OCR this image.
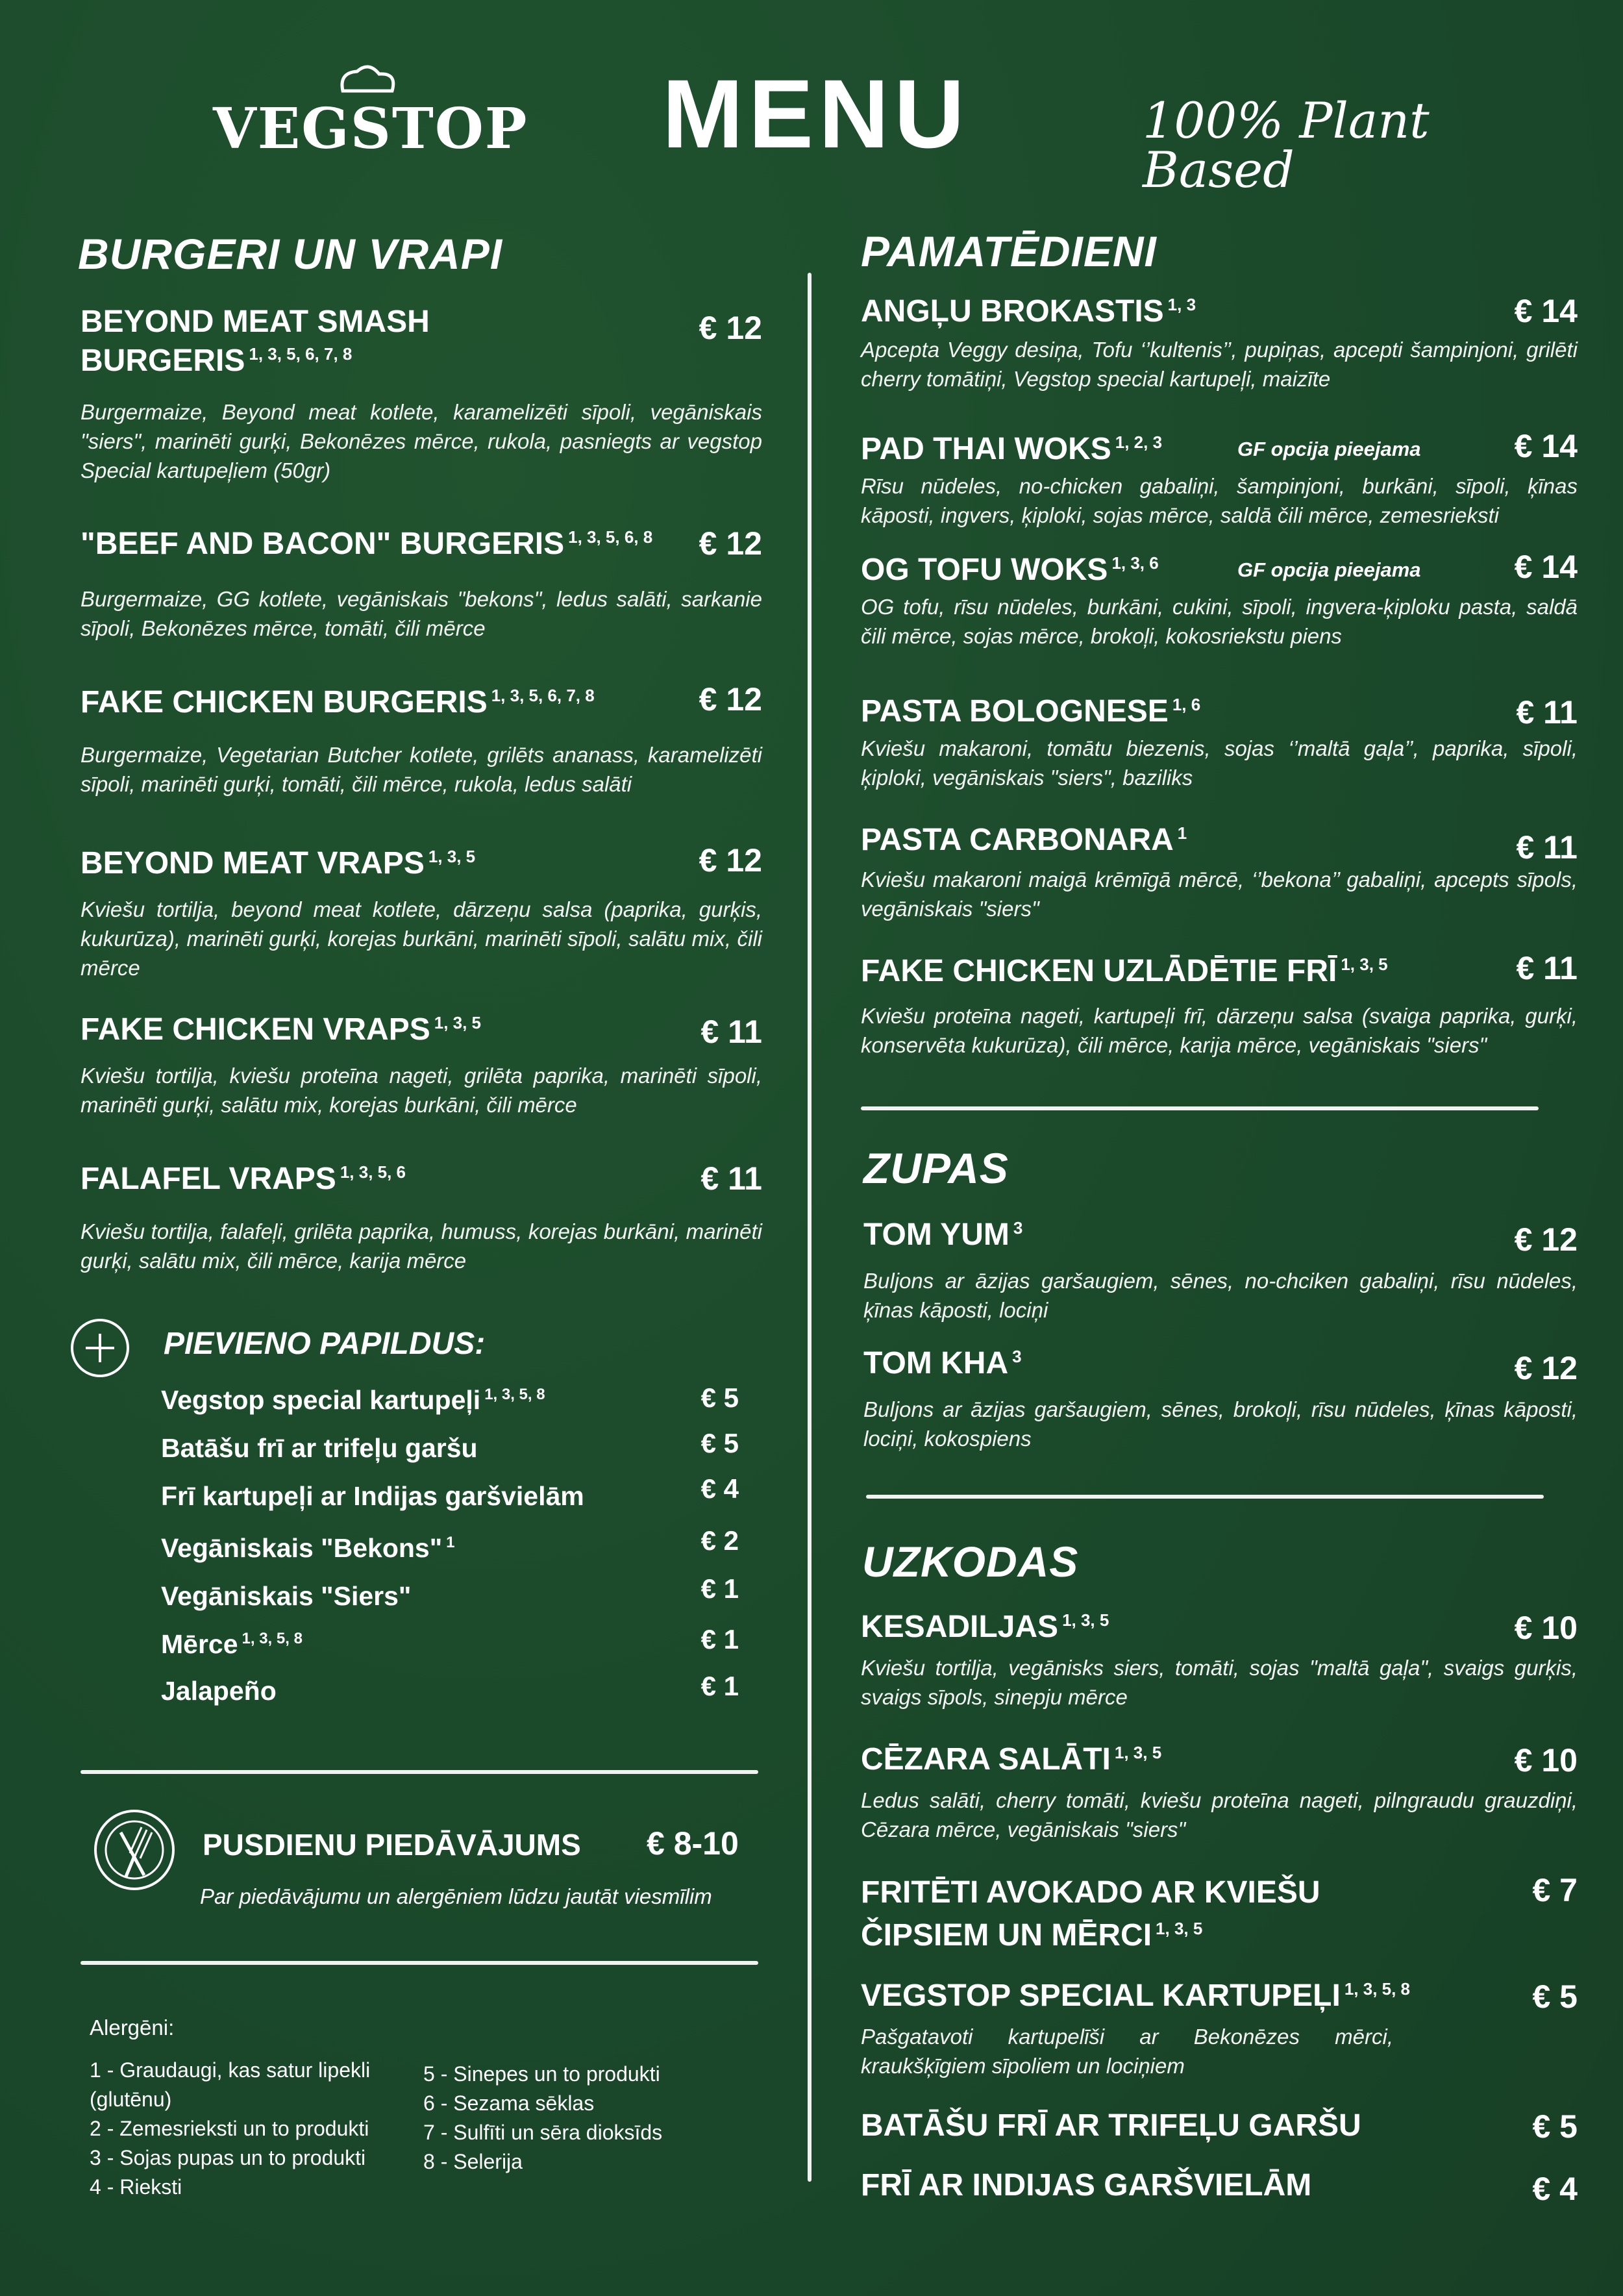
VEGSTOP MENU	100% Plant Based
BURGERI UN VRAPI
BEYOND MEAT SMASH BURGERIS $^{1, 3, 5, 6, 7, 8}$
€ 12
Burgermaize, Beyond meat kotlete, karamelizēti sīpoli, vegāniskais "siers", marinēti gurķi, Bekonēzes mērce, rukola, pasniegts ar vegstop Special kartupeļiem (50gr)
"BEEF AND BACON" BURGERIS $^{1, 3, 5, 6, 8}$	€ 12
Burgermaize, GG kotlete, vegāniskais "bekons", ledus salāti, sarkanie sīpoli, Bekonēzes mērce, tomāti, čili mērce
FAKE CHICKEN BURGERIS $^{1, 3, 5, 6, 7, 8}$	€ 12
Burgermaize, Vegetarian Butcher kotlete, grilēts ananass, karamelizēti sīpoli, marinēti gurķi, tomāti, čili mērce, rukola, ledus salāti
BEYOND MEAT VRAPS $^{1, 3, 5}$	€ 12
Kviešu tortilja, beyond meat kotlete, dārzeņu salsa (paprika, gurķis, kukurūza), marinēti gurķi, korejas burkāni, marinēti sīpoli, salātu mix, čili mērce
FAKE CHICKEN VRAPS $^{1, 3, 5}$	€ 11
Kviešu tortilja, kviešu proteīna nageti, grilēta paprika, marinēti sīpoli, marinēti gurķi, salātu mix, korejas burkāni, čili mērce
FALAFEL VRAPS $^{1, 3, 5, 6}$	€ 11
Kviešu tortilja, falafeļi, grilēta paprika, humuss, korejas burkāni, marinēti gurķi, salātu mix, čili mērce, karija mērce
PIEVIENO PAPILDUS:
Vegstop special kartupeļi $^{1, 3, 5, 8}$	€ 5
Batāšu frī ar trifeļu garšu	€ 5
Frī kartupeļi ar Indijas garšvielām	€ 4
Vegāniskais "Bekons" $^1$	€ 2
Vegāniskais "Siers"	€ 1
Mērce $^{1, 3, 5, 8}$	€ 1
Jalapeño	€ 1
PUSDIENU PIEDĀVĀJUMS € 8-10
Par piedāvājumu un alergēniem lūdzu jautāt viesmīlim
Alergēni:
1 - Graudaugi, kas satur lipekli (glutēnu)
2 - Zemesrieksti un to produkti
3 - Sojas pupas un to produkti
4 - Rieksti
5 - Sinepes un to produkti
6 - Sezama sēklas
7 - Sulfīti un sēra dioksīds
8 - Selerija
PAMATĒDIENI
ANGĻU BROKASTIS $^{1, 3}$	€ 14
Apcepta Veggy desiņa, Tofu ‘’kultenis’’, pupiņas, apcepti šampinjoni, grilēti cherry tomātiņi, Vegstop special kartupeļi, maizīte
PAD THAI WOKS $^{1, 2, 3}$	GF opcija pieejama	€ 14
Rīsu nūdeles, no-chicken gabaliņi, šampinjoni, burkāni, sīpoli, ķīnas kāposti, ingvers, ķiploki, sojas mērce, saldā čili mērce, zemesrieksti
OG TOFU WOKS $^{1, 3, 6}$	GF opcija pieejama	€ 14
OG tofu, rīsu nūdeles, burkāni, cukini, sīpoli, ingvera-ķiploku pasta, saldā čili mērce, sojas mērce, brokoļi, kokosriekstu piens
PASTA BOLOGNESE $^{1, 6}$	€ 11
Kviešu makaroni, tomātu biezenis, sojas ‘’maltā gaļa’’, paprika, sīpoli, ķiploki, vegāniskais "siers", baziliks
PASTA CARBONARA $^1$	€ 11
Kviešu makaroni maigā krēmīgā mērcē, ‘’bekona’’ gabaliņi, apcepts sīpols, vegāniskais "siers"
FAKE CHICKEN UZLĀDĒTIE FRĪ $^{1, 3, 5}$	€ 11
Kviešu proteīna nageti, kartupeļi frī, dārzeņu salsa (svaiga paprika, gurķi, konservēta kukurūza), čili mērce, karija mērce, vegāniskais "siers"
ZUPAS
TOM YUM $^3$	€ 12
Buljons ar āzijas garšaugiem, sēnes, no-chciken gabaliņi, rīsu nūdeles, ķīnas kāposti, lociņi
TOM KHA $^3$	€ 12
Buljons ar āzijas garšaugiem, sēnes, brokoļi, rīsu nūdeles, ķīnas kāposti, lociņi, kokospiens
UZKODAS
KESADILJAS $^{1, 3, 5}$	€ 10
Kviešu tortilja, vegānisks siers, tomāti, sojas "maltā gaļa", svaigs gurķis, svaigs sīpols, sinepju mērce
CĒZARA SALĀTI $^{1, 3, 5}$	€ 10
Ledus salāti, cherry tomāti, kviešu proteīna nageti, pilngraudu grauzdiņi, Cēzara mērce, vegāniskais "siers"
FRITĒTI AVOKADO AR KVIEŠU ČIPSIEM UN MĒRCI $^{1, 3, 5}$
€ 7
VEGSTOP SPECIAL KARTUPEĻI $^{1, 3, 5, 8}$	€ 5
Pašgatavoti kartupelīši ar Bekonēzes mērci, kraukšķīgiem sīpoliem un lociņiem
BATĀŠU FRĪ AR TRIFEĻU GARŠU	€ 5
FRĪ AR INDIJAS GARŠVIELĀM	€ 4
